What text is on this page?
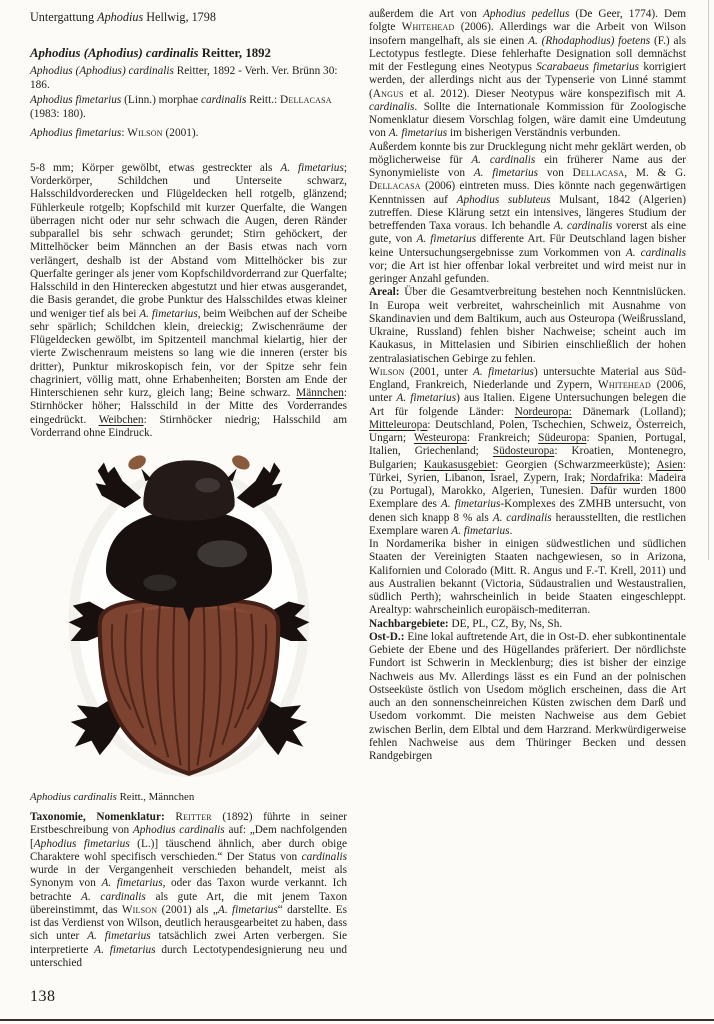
Untergattung Aphodius Hellwig, 1798

Aphodius (Aphodius) cardinalis Reitter, 1892

Aphodius (Aphodius) cardinalis Reitter, 1892 - Verh. Ver. Brünn 30: 186.

Aphodius fimetarius (Linn.) morphae cardinalis Reitt.: Dellacasa (1983: 180).

Aphodius fimetarius: Wilson (2001).

5-8 mm; Körper gewölbt, etwas gestreckter als A. fimetarius; Vorderkörper, Schildchen und Unterseite schwarz, Halsschildvorderecken und Flügeldecken hell rotgelb, glänzend; Fühlerkeule rotgelb; Kopfschild mit kurzer Querfalte, die Wangen überragen nicht oder nur sehr schwach die Augen, deren Ränder subparallel bis sehr schwach gerundet; Stirn gehöckert, der Mittelhöcker beim Männchen an der Basis etwas nach vorn verlängert, deshalb ist der Abstand vom Mittelhöcker bis zur Querfalte geringer als jener vom Kopfschildvorderrand zur Querfalte; Halsschild in den Hinterecken abgestutzt und hier etwas ausgerandet, die Basis gerandet, die grobe Punktur des Halsschildes etwas kleiner und weniger tief als bei A. fimetarius, beim Weibchen auf der Scheibe sehr spärlich; Schildchen klein, dreieckig; Zwischenräume der Flügeldecken gewölbt, im Spitzenteil manchmal kielartig, hier der vierte Zwischenraum meistens so lang wie die inneren (erster bis dritter), Punktur mikroskopisch fein, vor der Spitze sehr fein chagriniert, völlig matt, ohne Erhabenheiten; Borsten am Ende der Hinterschienen sehr kurz, gleich lang; Beine schwarz. Männchen: Stirnhöcker höher; Halsschild in der Mitte des Vorderrandes eingedrückt. Weibchen: Stirnhöcker niedrig; Halsschild am Vorderrand ohne Eindruck.

Aphodius cardinalis Reitt., Männchen

Taxonomie, Nomenklatur: Reitter (1892) führte in seiner Erstbeschreibung von Aphodius cardinalis auf: „Dem nachfolgenden [Aphodius fimetarius (L.)] täuschend ähnlich, aber durch obige Charaktere wohl specifisch verschieden.“ Der Status von cardinalis wurde in der Vergangenheit verschieden behandelt, meist als Synonym von A. fimetarius, oder das Taxon wurde verkannt. Ich betrachte A. cardinalis als gute Art, die mit jenem Taxon übereinstimmt, das Wilson (2001) als „A. fimetarius“ darstellte. Es ist das Verdienst von Wilson, deutlich herausgearbeitet zu haben, dass sich unter A. fimetarius tatsächlich zwei Arten verbergen. Sie interpretierte A. fimetarius durch Lectotypendesignierung neu und unterschied

außerdem die Art von Aphodius pedellus (De Geer, 1774). Dem folgte Whitehead (2006). Allerdings war die Arbeit von Wilson insofern mangelhaft, als sie einen A. (Rhodaphodius) foetens (F.) als Lectotypus festlegte. Diese fehlerhafte Designation soll demnächst mit der Festlegung eines Neotypus Scarabaeus fimetarius korrigiert werden, der allerdings nicht aus der Typenserie von Linné stammt (Angus et al. 2012). Dieser Neotypus wäre konspezifisch mit A. cardinalis. Sollte die Internationale Kommission für Zoologische Nomenklatur diesem Vorschlag folgen, wäre damit eine Umdeutung von A. fimetarius im bisherigen Verständnis verbunden.

Außerdem konnte bis zur Drucklegung nicht mehr geklärt werden, ob möglicherweise für A. cardinalis ein früherer Name aus der Synonymieliste von A. fimetarius von Dellacasa, M. & G. Dellacasa (2006) eintreten muss. Dies könnte nach gegenwärtigen Kenntnissen auf Aphodius subluteus Mulsant, 1842 (Algerien) zutreffen. Diese Klärung setzt ein intensives, längeres Studium der betreffenden Taxa voraus. Ich behandle A. cardinalis vorerst als eine gute, von A. fimetarius differente Art. Für Deutschland lagen bisher keine Untersuchungsergebnisse zum Vorkommen von A. cardinalis vor; die Art ist hier offenbar lokal verbreitet und wird meist nur in geringer Anzahl gefunden.

Areal: Über die Gesamtverbreitung bestehen noch Kenntnislücken. In Europa weit verbreitet, wahrscheinlich mit Ausnahme von Skandinavien und dem Baltikum, auch aus Osteuropa (Weißrussland, Ukraine, Russland) fehlen bisher Nachweise; scheint auch im Kaukasus, in Mittelasien und Sibirien einschließlich der hohen zentralasiatischen Gebirge zu fehlen.

Wilson (2001, unter A. fimetarius) untersuchte Material aus Süd-England, Frankreich, Niederlande und Zypern, Whitehead (2006, unter A. fimetarius) aus Italien. Eigene Untersuchungen belegen die Art für folgende Länder: Nordeuropa: Dänemark (Lolland); Mitteleuropa: Deutschland, Polen, Tschechien, Schweiz, Österreich, Ungarn; Westeuropa: Frankreich; Südeuropa: Spanien, Portugal, Italien, Griechenland; Südosteuropa: Kroatien, Montenegro, Bulgarien; Kaukasusgebiet: Georgien (Schwarzmeerküste); Asien: Türkei, Syrien, Libanon, Israel, Zypern, Irak; Nordafrika: Madeira (zu Portugal), Marokko, Algerien, Tunesien. Dafür wurden 1800 Exemplare des A. fimetarius-Komplexes des ZMHB untersucht, von denen sich knapp 8 % als A. cardinalis herausstellten, die restlichen Exemplare waren A. fimetarius.

In Nordamerika bisher in einigen südwestlichen und südlichen Staaten der Vereinigten Staaten nachgewiesen, so in Arizona, Kalifornien und Colorado (Mitt. R. Angus und F.-T. Krell, 2011) und aus Australien bekannt (Victoria, Südaustralien und Westaustralien, südlich Perth); wahrscheinlich in beide Staaten eingeschleppt. Arealtyp: wahrscheinlich europäisch-mediterran.

Nachbargebiete: DE, PL, CZ, By, Ns, Sh.

Ost-D.: Eine lokal auftretende Art, die in Ost-D. eher subkontinentale Gebiete der Ebene und des Hügellandes präferiert. Der nördlichste Fundort ist Schwerin in Mecklenburg; dies ist bisher der einzige Nachweis aus Mv. Allerdings lässt es ein Fund an der polnischen Ostseeküste östlich von Usedom möglich erscheinen, dass die Art auch an den sonnenscheinreichen Küsten zwischen dem Darß und Usedom vorkommt. Die meisten Nachweise aus dem Gebiet zwischen Berlin, dem Elbtal und dem Harzrand. Merkwürdigerweise fehlen Nachweise aus dem Thüringer Becken und dessen Randgebirgen

138
